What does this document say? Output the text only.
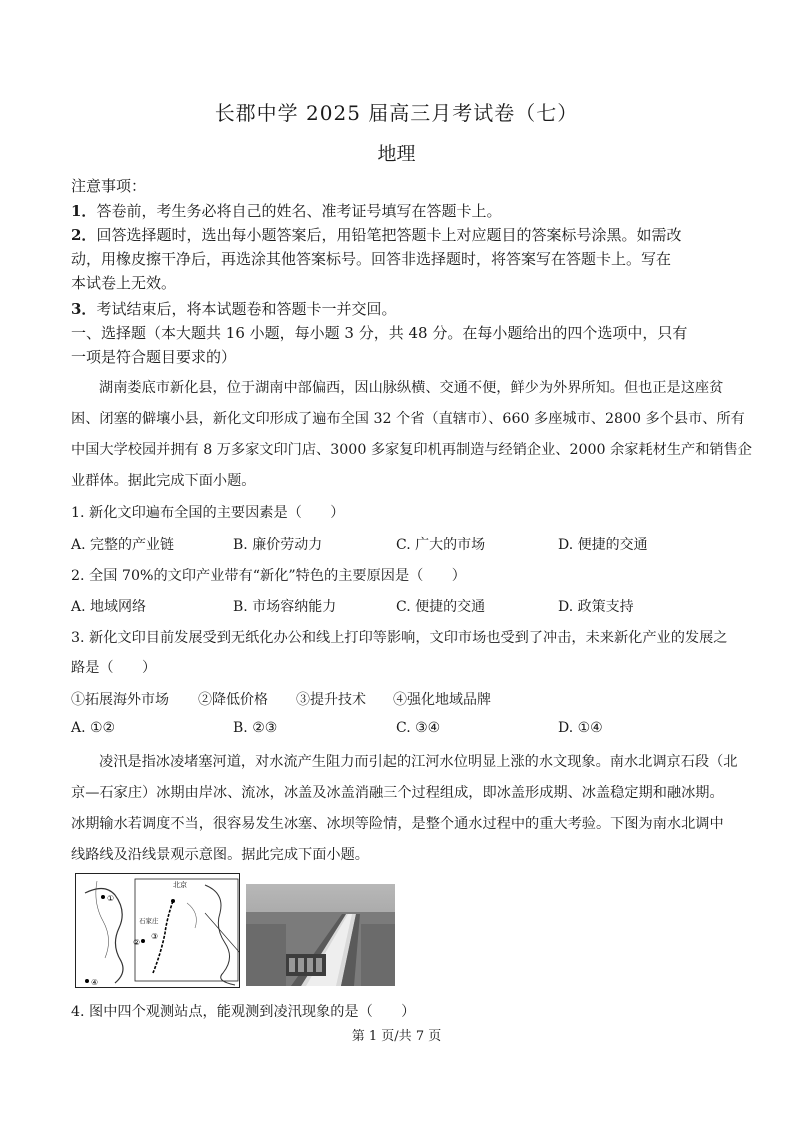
长郡中学 2025 届高三月考试卷（七）
地理
注意事项：
1．答卷前，考生务必将自己的姓名、准考证号填写在答题卡上。
2．回答选择题时，选出每小题答案后，用铅笔把答题卡上对应题目的答案标号涂黑。如需改
动，用橡皮擦干净后，再选涂其他答案标号。回答非选择题时，将答案写在答题卡上。写在
本试卷上无效。
3．考试结束后，将本试题卷和答题卡一并交回。
一、选择题（本大题共 16 小题，每小题 3 分，共 48 分。在每小题给出的四个选项中，只有
一项是符合题目要求的）
湖南娄底市新化县，位于湖南中部偏西，因山脉纵横、交通不便，鲜少为外界所知。但也正是这座贫
困、闭塞的僻壤小县，新化文印形成了遍布全国 32 个省（直辖市）、660 多座城市、2800 多个县市、所有
中国大学校园并拥有 8 万多家文印门店、3000 多家复印机再制造与经销企业、2000 余家耗材生产和销售企
业群体。据此完成下面小题。
1. 新化文印遍布全国的主要因素是（　　）
A. 完整的产业链	B. 廉价劳动力	C. 广大的市场	D. 便捷的交通
2. 全国 70%的文印产业带有“新化”特色的主要原因是（　　）
A. 地域网络	B. 市场容纳能力	C. 便捷的交通	D. 政策支持
3. 新化文印目前发展受到无纸化办公和线上打印等影响，文印市场也受到了冲击，未来新化产业的发展之
路是（　　）
①拓展海外市场 ②降低价格 ③提升技术 ④强化地域品牌
A. ①②	B. ②③	C. ③④	D. ①④
凌汛是指冰凌堵塞河道，对水流产生阻力而引起的江河水位明显上涨的水文现象。南水北调京石段（北
京—石家庄）冰期由岸冰、流冰，冰盖及冰盖消融三个过程组成，即冰盖形成期、冰盖稳定期和融冰期。
冰期输水若调度不当，很容易发生冰塞、冰坝等险情，是整个通水过程中的重大考验。下图为南水北调中
线路线及沿线景观示意图。据此完成下面小题。
①
②
③
④
北京
石家庄
4. 图中四个观测站点，能观测到凌汛现象的是（　　）
第 1 页/共 7 页
